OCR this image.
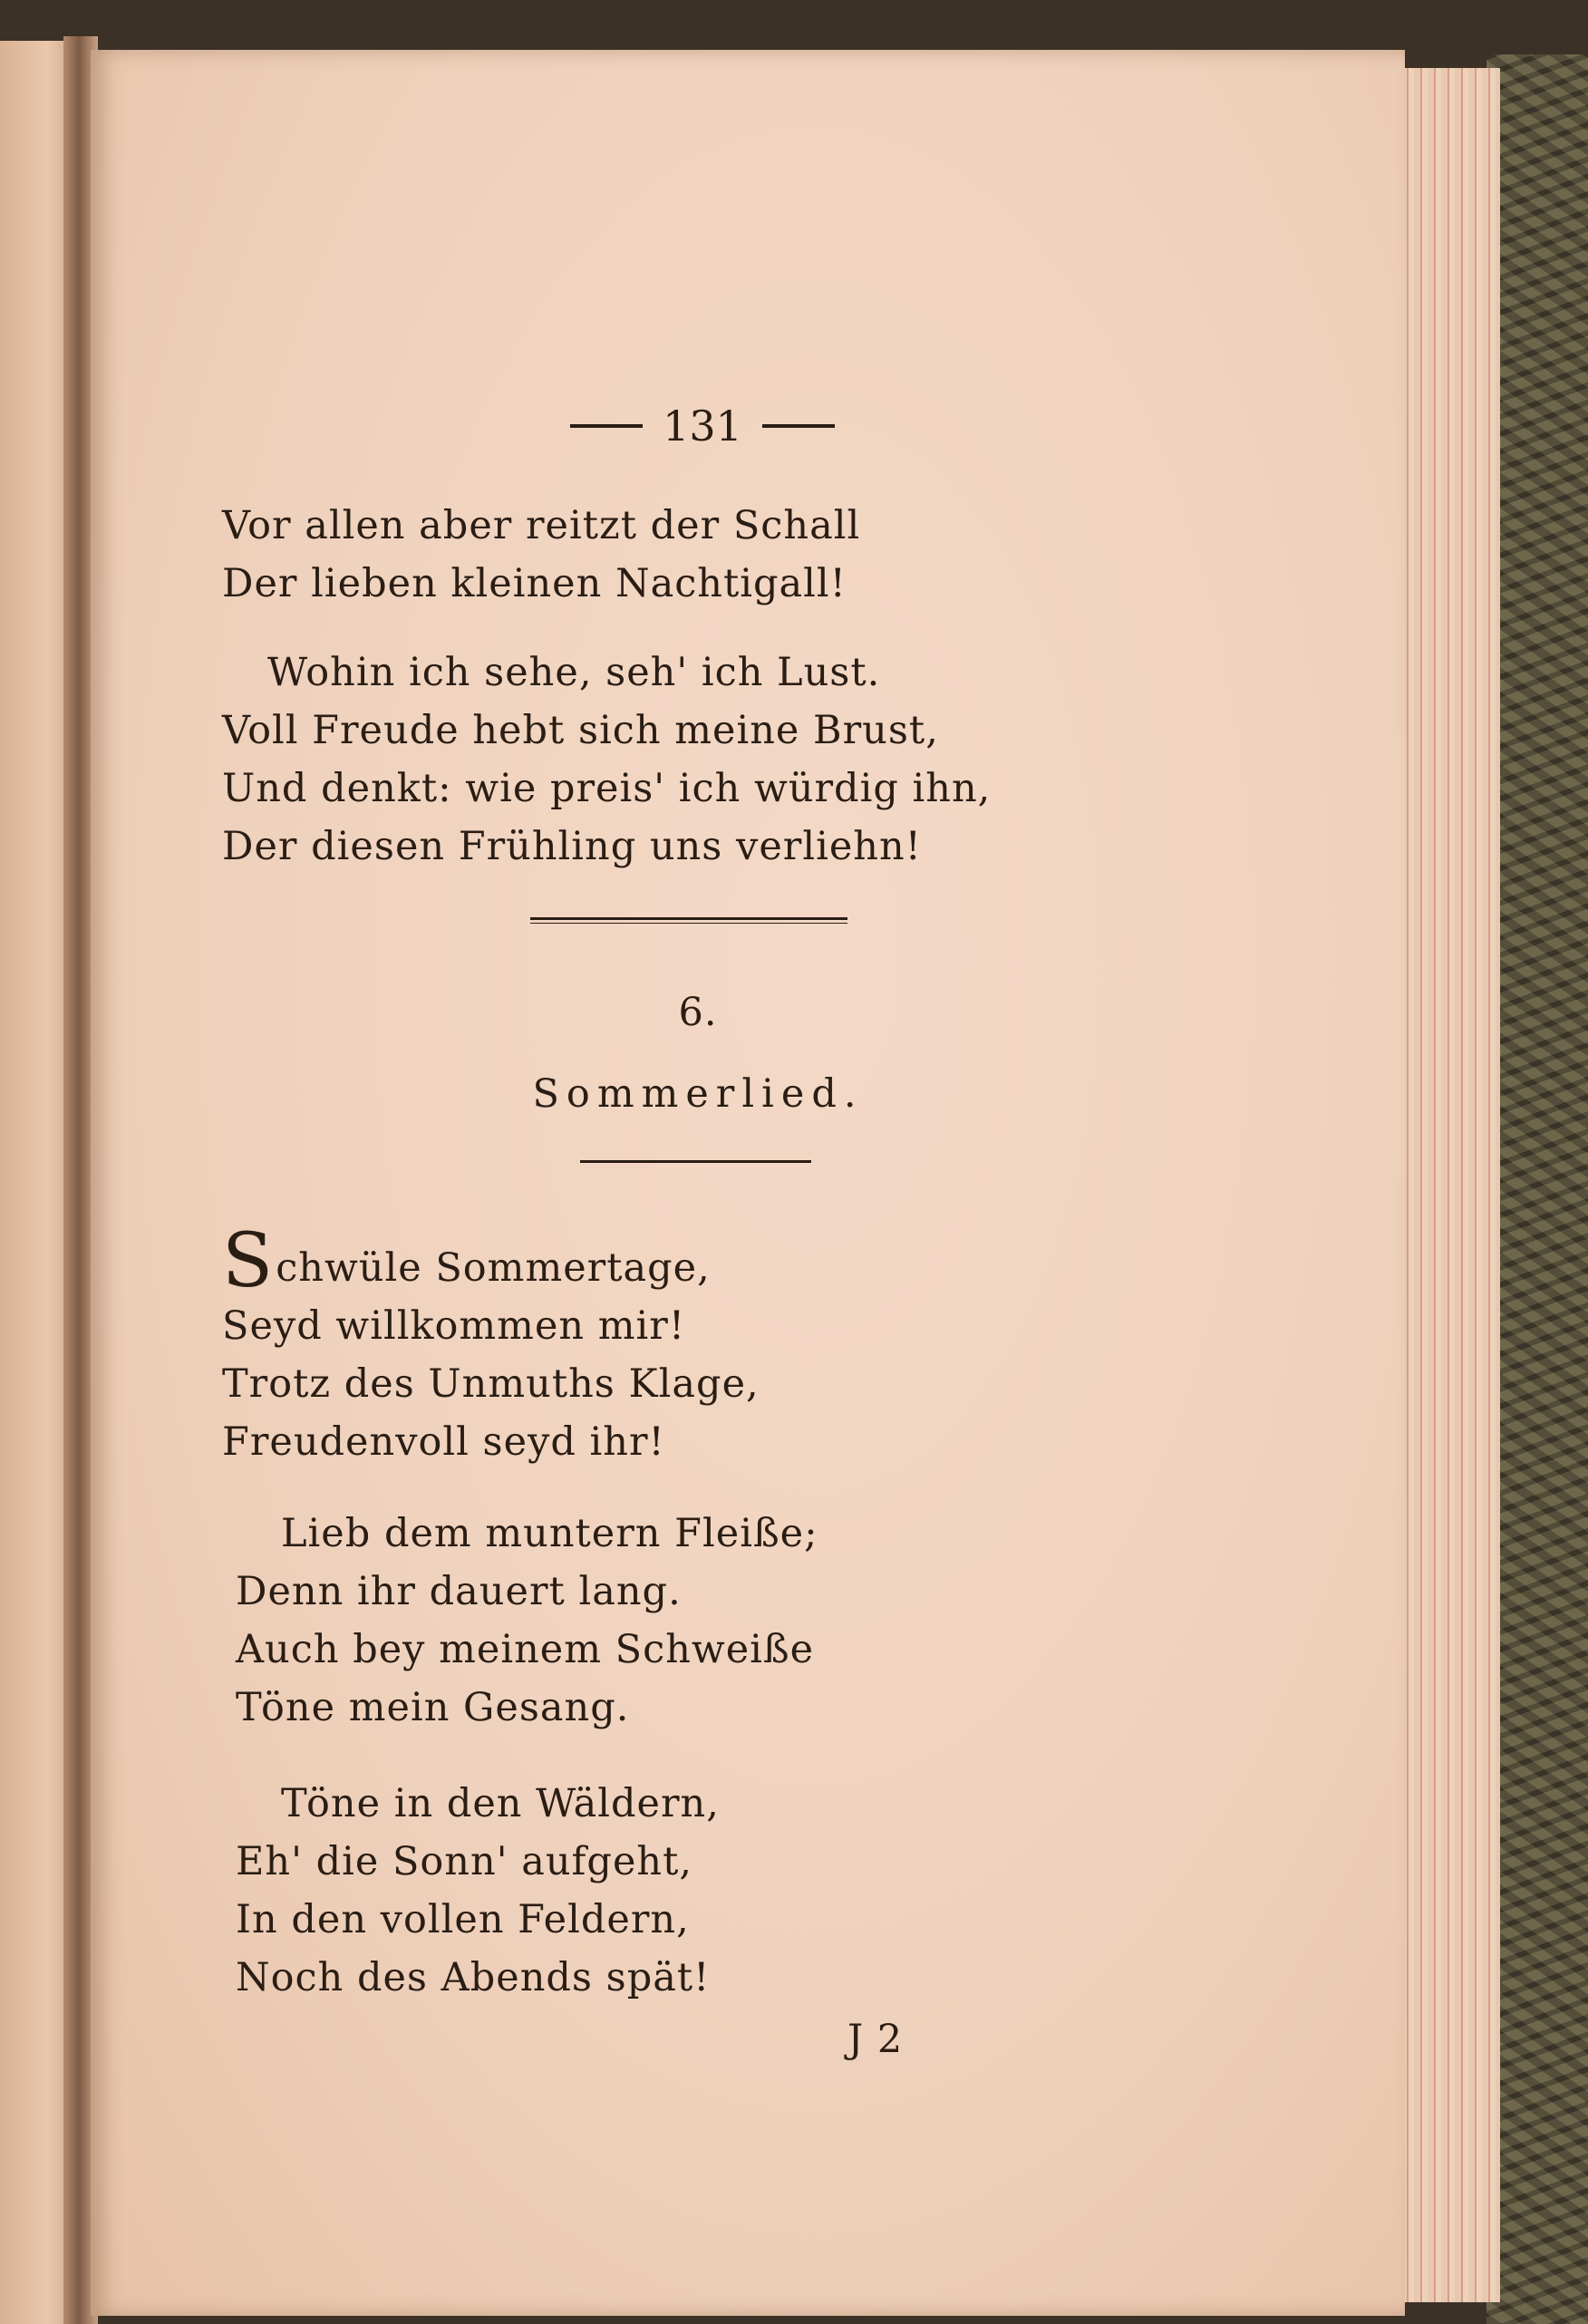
131
Vor allen aber reitzt der Schall
Der lieben kleinen Nachtigall!
Wohin ich sehe, seh' ich Lust.
Voll Freude hebt sich meine Brust,
Und denkt: wie preis' ich würdig ihn,
Der diesen Frühling uns verliehn!
6.
Sommerlied.
Schwüle Sommertage,
Seyd willkommen mir!
Trotz des Unmuths Klage,
Freudenvoll seyd ihr!
Lieb dem muntern Fleiße;
Denn ihr dauert lang.
Auch bey meinem Schweiße
Töne mein Gesang.
Töne in den Wäldern,
Eh' die Sonn' aufgeht,
In den vollen Feldern,
Noch des Abends spät!
J 2
